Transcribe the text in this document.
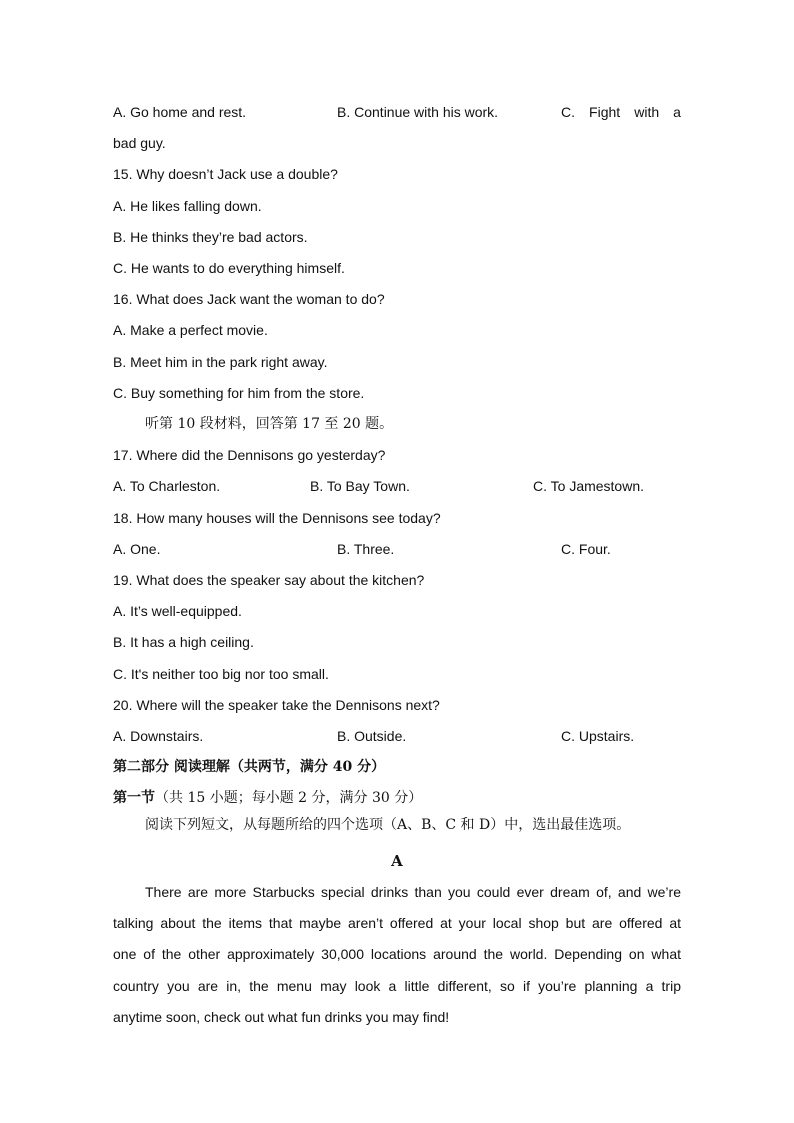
A. Go home and rest.	B. Continue with his work.	C. Fight with a
bad guy.
15. Why doesn’t Jack use a double?
A. He likes falling down.
B. He thinks they’re bad actors.
C. He wants to do everything himself.
16. What does Jack want the woman to do?
A. Make a perfect movie.
B. Meet him in the park right away.
C. Buy something for him from the store.
听第 10 段材料，回答第 17 至 20 题。
17. Where did the Dennisons go yesterday?
A. To Charleston.	B. To Bay Town.	C. To Jamestown.
18. How many houses will the Dennisons see today?
A. One.	B. Three.	C. Four.
19. What does the speaker say about the kitchen?
A. It’s well-equipped.
B. It has a high ceiling.
C. It's neither too big nor too small.
20. Where will the speaker take the Dennisons next?
A. Downstairs.	B. Outside.	C. Upstairs.
第二部分 阅读理解（共两节，满分 40 分）
第一节（共 15 小题；每小题 2 分，满分 30 分）
阅读下列短文，从每题所给的四个选项（A、B、C 和 D）中，选出最佳选项。
A
There are more Starbucks special drinks than you could ever dream of, and we’re
talking about the items that maybe aren’t offered at your local shop but are offered at
one of the other approximately 30,000 locations around the world. Depending on what
country you are in, the menu may look a little different, so if you’re planning a trip
anytime soon, check out what fun drinks you may find!
